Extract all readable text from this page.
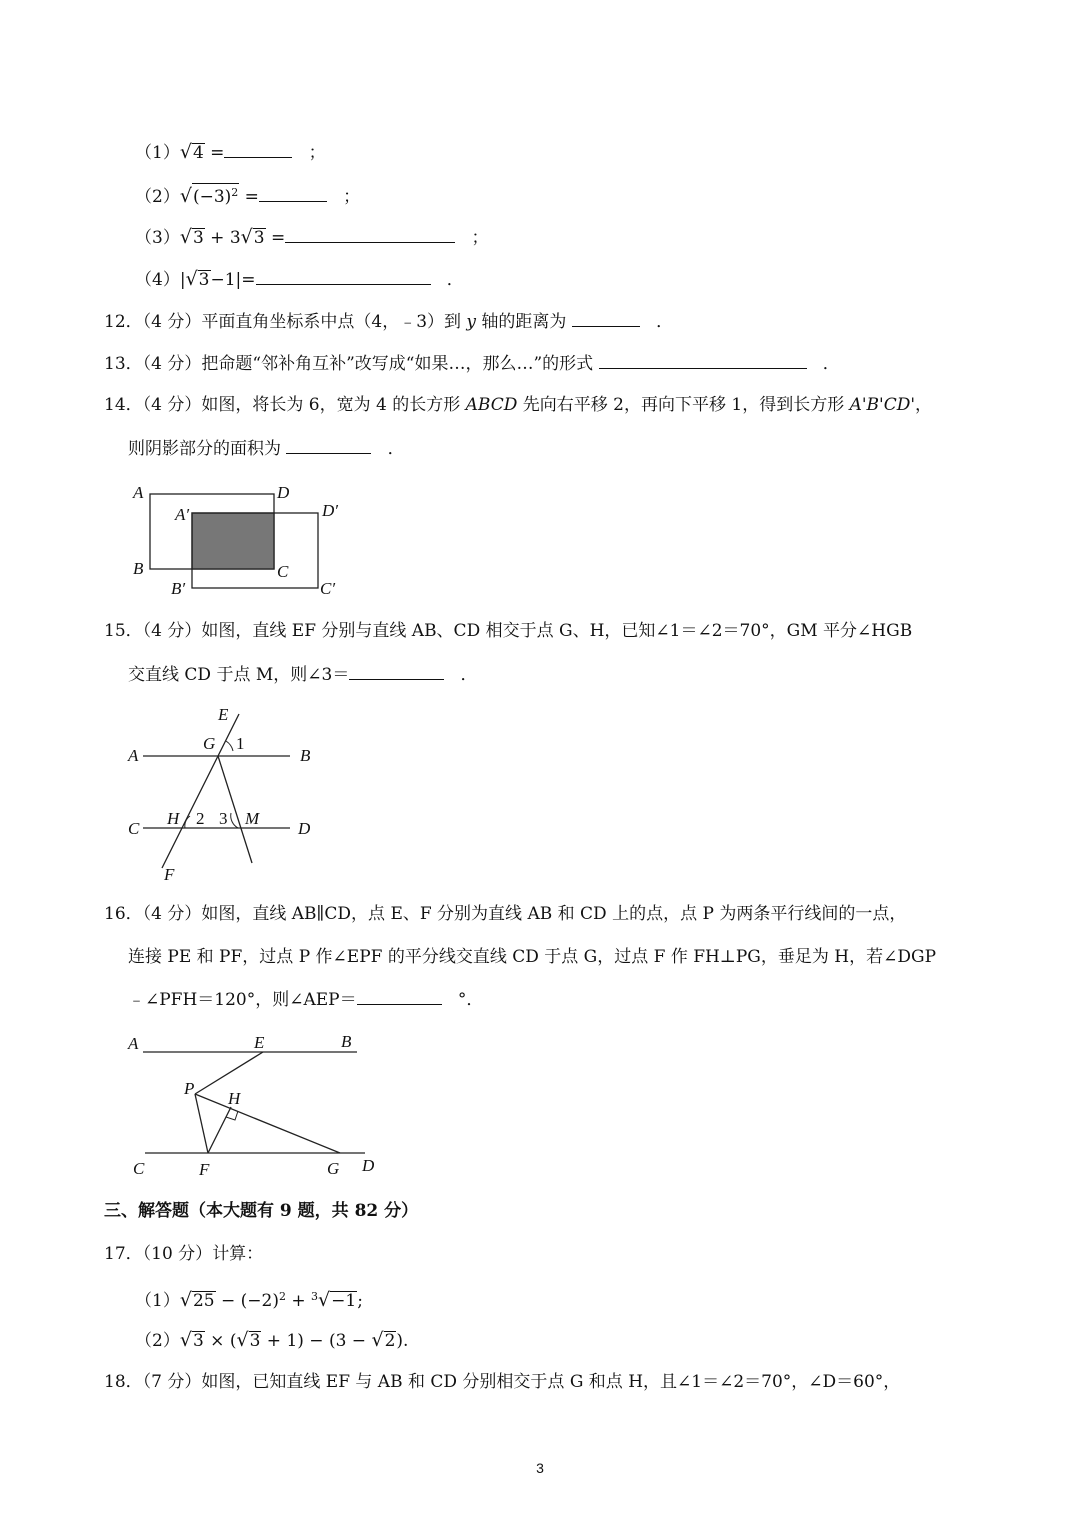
（1）√4 =	；
$(2)√(-3)^2$ =	；
（3）√3 + 3√3 =	；
（4）|√3−1|=	．
12．（4 分）平面直角坐标系中点（4，﹣3）到 y 轴的距离为	．
13．（4 分）把命题“邻补角互补”改写成“如果…，那么…”的形式	．
14．（4 分）如图，将长为 6，宽为 4 的长方形 ABCD 先向右平移 2，再向下平移 1，得到长方形 A'B'CD'，
则阴影部分的面积为	．
A
B	C
D
A′
B′	C′
D′
15．（4 分）如图，直线 EF 分别与直线 AB、CD 相交于点 G、H，已知∠1＝∠2＝70°，GM 平分∠HGB
交直线 CD 于点 M，则∠3＝	．
E
A
G 1
B
C
H 2 3 M
D
F
16．（4 分）如图，直线 AB∥CD，点 E、F 分别为直线 AB 和 CD 上的点，点 P 为两条平行线间的一点，
连接 PE 和 PF，过点 P 作∠EPF 的平分线交直线 CD 于点 G，过点 F 作 FH⊥PG，垂足为 H，若∠DGP
﹣∠PFH＝120°，则∠AEP＝	°．
A	E	B
P
H
C	F	G D
三、解答题（本大题有 9 题，共 82 分）
17．（10 分）计算：
$(1)√25 - (-2)^2 + ^3√-1$;
（2）√3 × (√3 + 1) − (3 − √2).
18．（7 分）如图，已知直线 EF 与 AB 和 CD 分别相交于点 G 和点 H，且∠1＝∠2＝70°，∠D＝60°，
3
